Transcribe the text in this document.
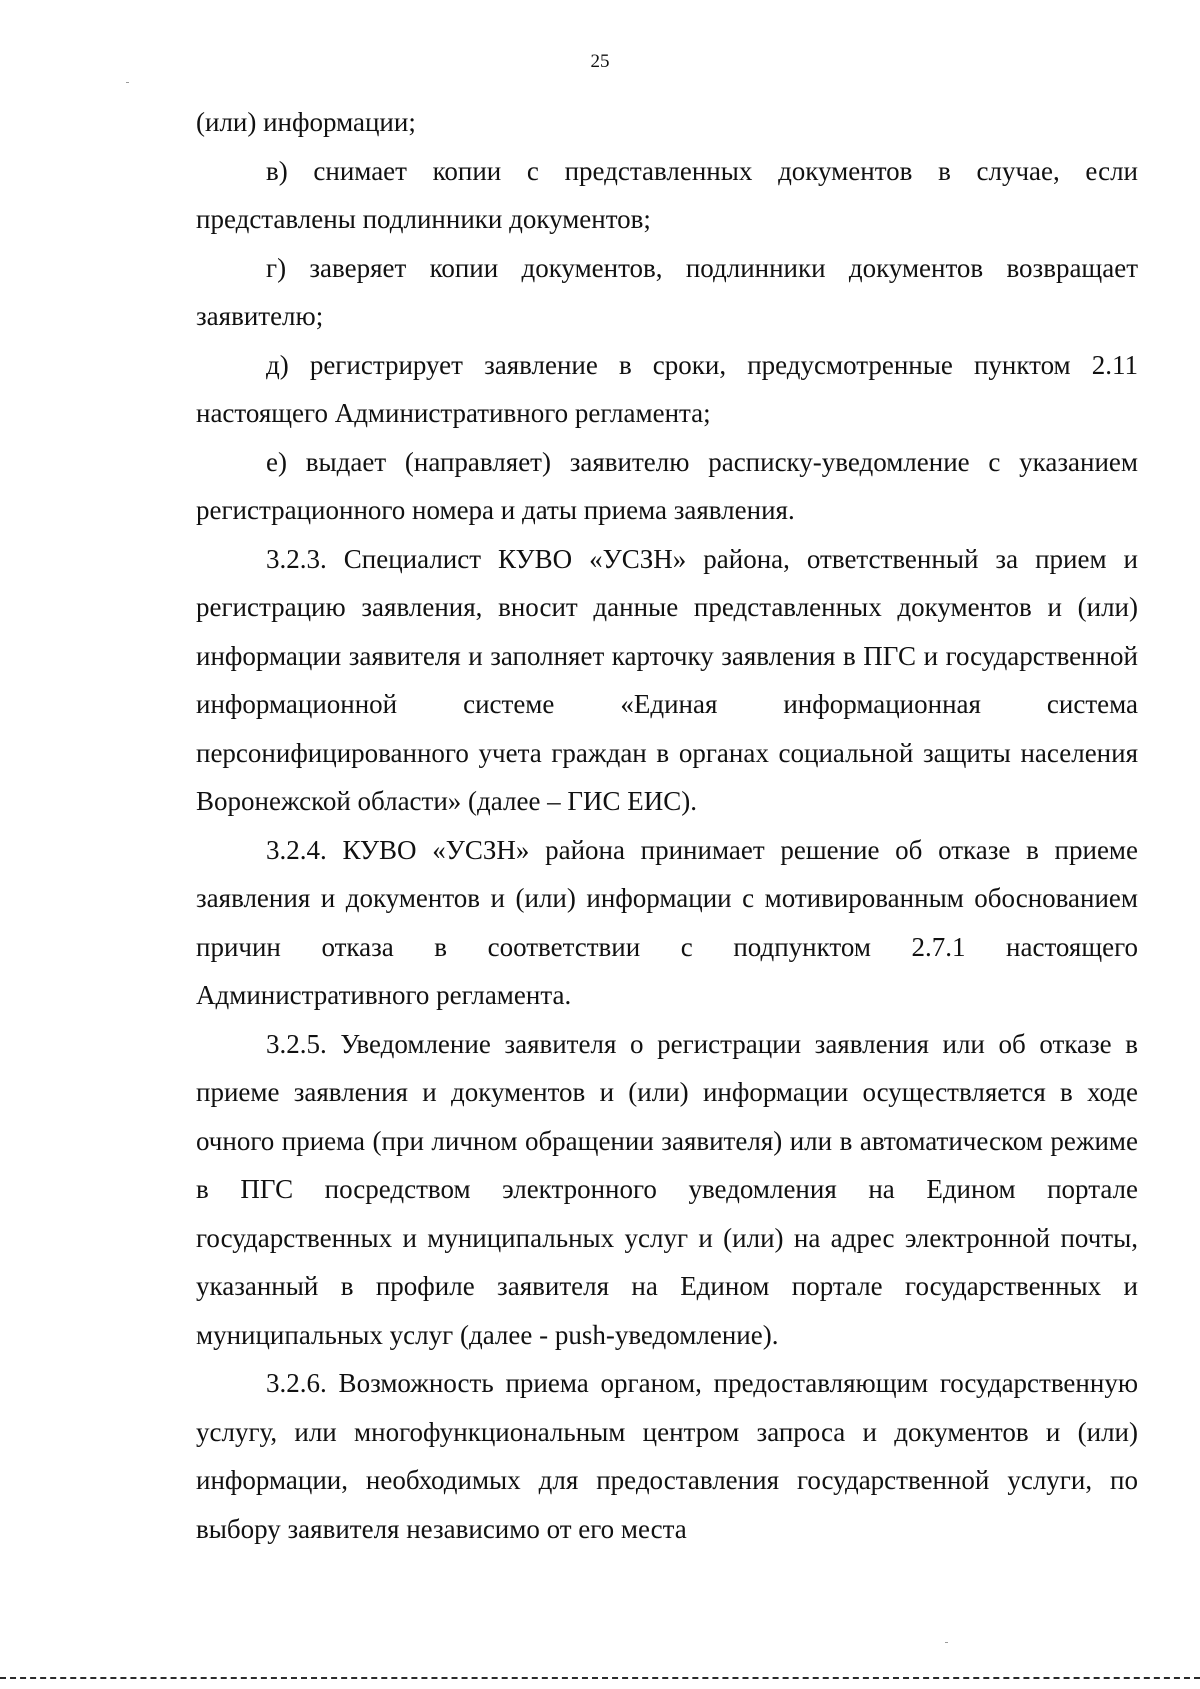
25

(или) информации;

в) снимает копии с представленных документов в случае, если представлены подлинники документов;

г) заверяет копии документов, подлинники документов возвращает заявителю;

д) регистрирует заявление в сроки, предусмотренные пунктом 2.11 настоящего Административного регламента;

е) выдает (направляет) заявителю расписку-уведомление с указанием регистрационного номера и даты приема заявления.

3.2.3. Специалист КУВО «УСЗН» района, ответственный за прием и регистрацию заявления, вносит данные представленных документов и (или) информации заявителя и заполняет карточку заявления в ПГС и государственной информационной системе «Единая информационная система персонифицированного учета граждан в органах социальной защиты населения Воронежской области» (далее – ГИС ЕИС).

3.2.4. КУВО «УСЗН» района принимает решение об отказе в приеме заявления и документов и (или) информации с мотивированным обоснованием причин отказа в соответствии с подпунктом 2.7.1 настоящего Административного регламента.

3.2.5. Уведомление заявителя о регистрации заявления или об отказе в приеме заявления и документов и (или) информации осуществляется в ходе очного приема (при личном обращении заявителя) или в автоматическом режиме в ПГС посредством электронного уведомления на Едином портале государственных и муниципальных услуг и (или) на адрес электронной почты, указанный в профиле заявителя на Едином портале государственных и муниципальных услуг (далее - push-уведомление).

3.2.6. Возможность приема органом, предоставляющим государственную услугу, или многофункциональным центром запроса и документов и (или) информации, необходимых для предоставления государственной услуги, по выбору заявителя независимо от его места
